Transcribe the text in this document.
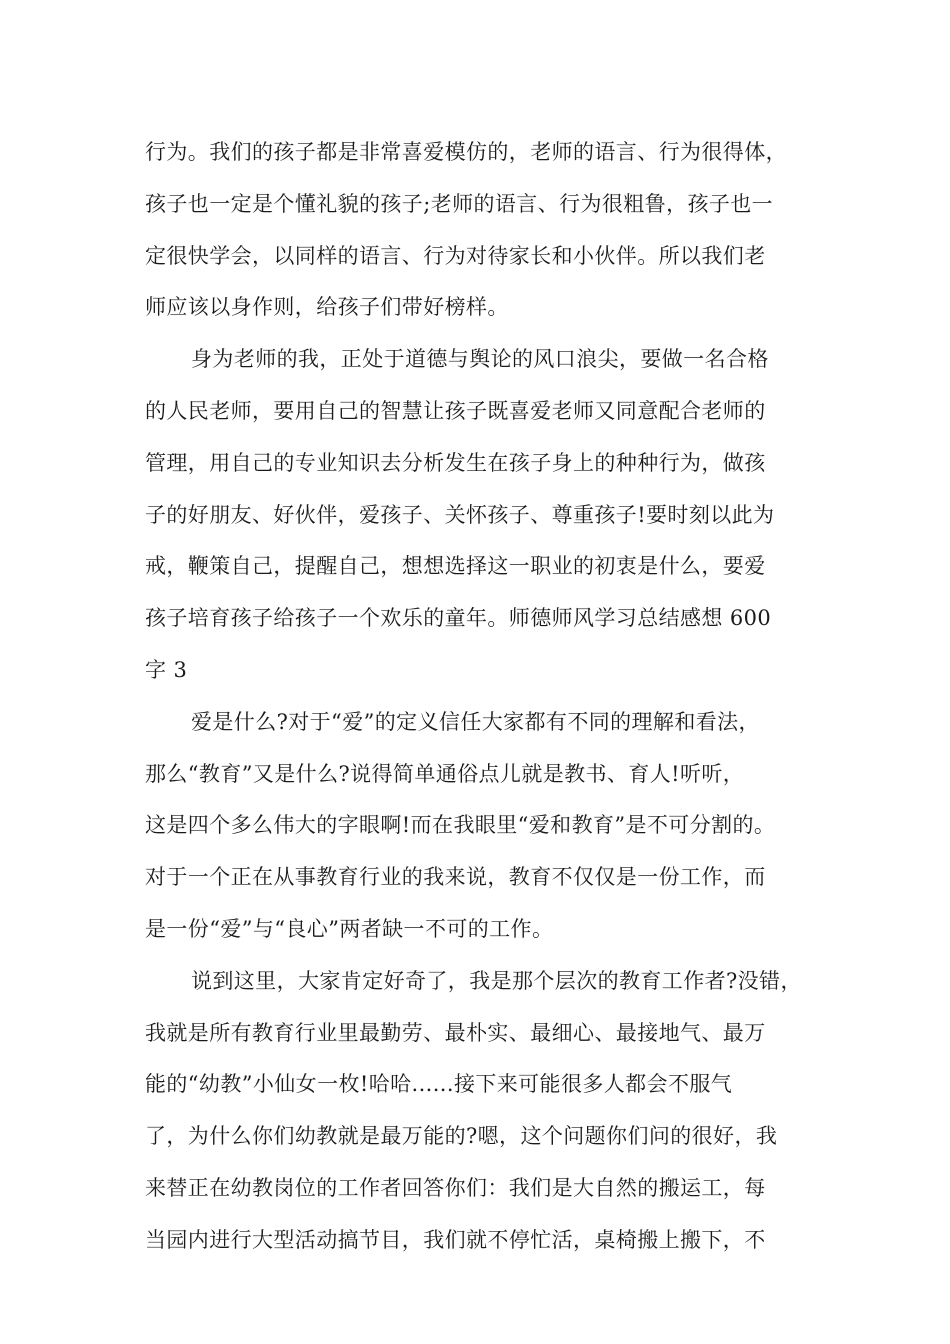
行为。我们的孩子都是非常喜爱模仿的，老师的语言、行为很得体，
孩子也一定是个懂礼貌的孩子;老师的语言、行为很粗鲁，孩子也一
定很快学会，以同样的语言、行为对待家长和小伙伴。所以我们老
师应该以身作则，给孩子们带好榜样。
身为老师的我，正处于道德与舆论的风口浪尖，要做一名合格
的人民老师，要用自己的智慧让孩子既喜爱老师又同意配合老师的
管理，用自己的专业知识去分析发生在孩子身上的种种行为，做孩
子的好朋友、好伙伴，爱孩子、关怀孩子、尊重孩子!要时刻以此为
戒，鞭策自己，提醒自己，想想选择这一职业的初衷是什么，要爱
孩子培育孩子给孩子一个欢乐的童年。师德师风学习总结感想 600
字 3
爱是什么?对于“爱”的定义信任大家都有不同的理解和看法，
那么“教育”又是什么?说得简单通俗点儿就是教书、育人!听听，
这是四个多么伟大的字眼啊!而在我眼里“爱和教育”是不可分割的。
对于一个正在从事教育行业的我来说，教育不仅仅是一份工作，而
是一份“爱”与“良心”两者缺一不可的工作。
说到这里，大家肯定好奇了，我是那个层次的教育工作者?没错，
我就是所有教育行业里最勤劳、最朴实、最细心、最接地气、最万
能的“幼教”小仙女一枚!哈哈......接下来可能很多人都会不服气
了，为什么你们幼教就是最万能的?嗯，这个问题你们问的很好，我
来替正在幼教岗位的工作者回答你们：我们是大自然的搬运工，每
当园内进行大型活动搞节目，我们就不停忙活，桌椅搬上搬下，不
